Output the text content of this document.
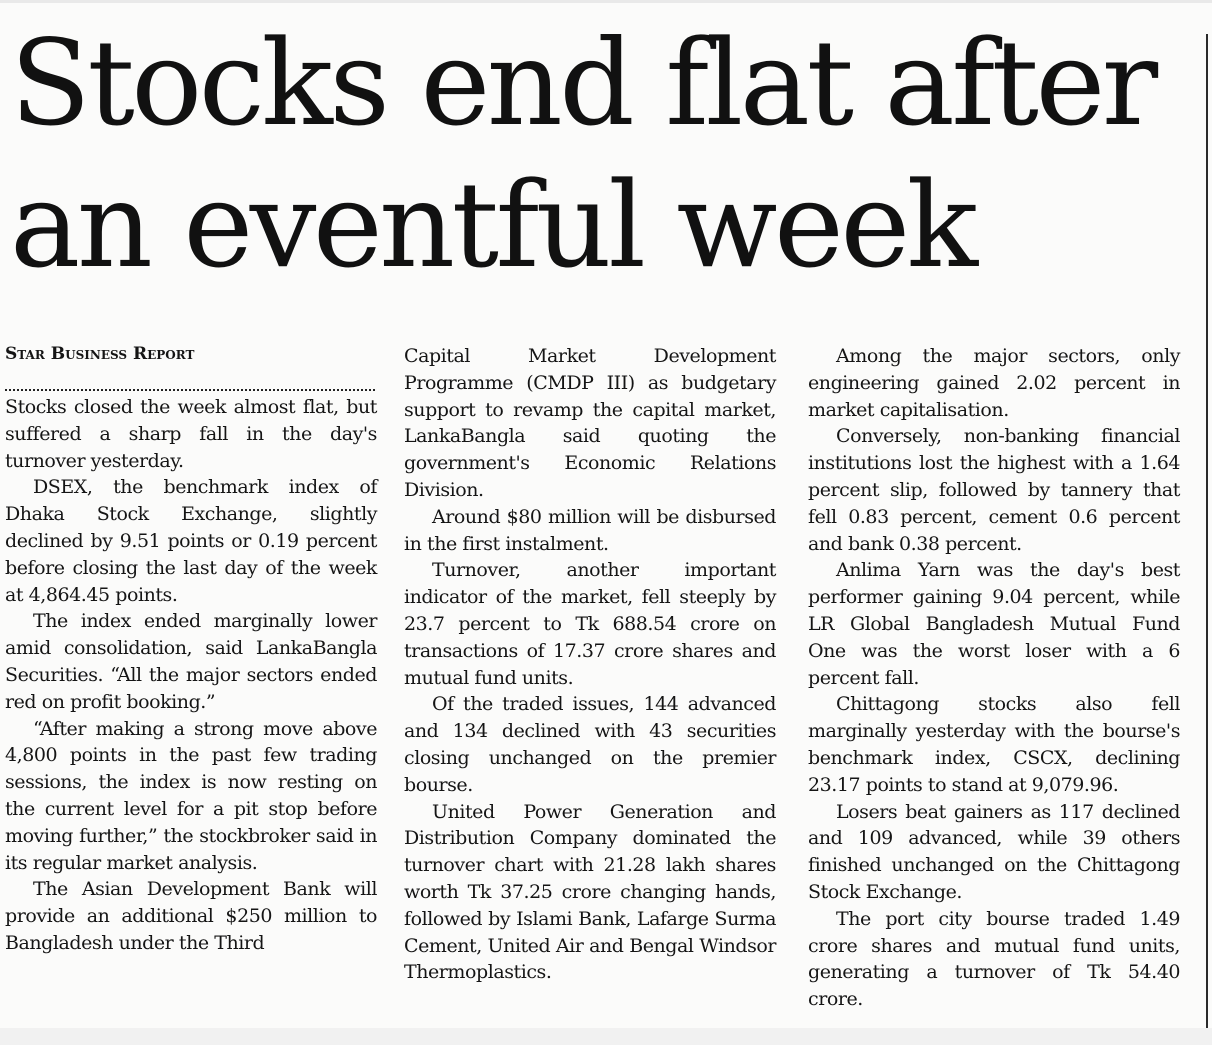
Stocks end flat after
an eventful week
Star Business Report

Stocks closed the week almost flat, but suffered a sharp fall in the day's turnover yesterday.

DSEX, the benchmark index of Dhaka Stock Exchange, slightly declined by 9.51 points or 0.19 percent before closing the last day of the week at 4,864.45 points.

The index ended marginally lower amid consolidation, said LankaBangla Securities. “All the major sectors ended red on profit booking.”

“After making a strong move above 4,800 points in the past few trading sessions, the index is now resting on the current level for a pit stop before moving further,” the stockbroker said in its regular market analysis.

The Asian Development Bank will provide an additional $250 million to Bangladesh under the Third

Capital Market Development Programme (CMDP III) as budgetary support to revamp the capital market, LankaBangla said quoting the government's Economic Relations Division.

Around $80 million will be disbursed in the first instalment.

Turnover, another important indicator of the market, fell steeply by 23.7 percent to Tk 688.54 crore on transactions of 17.37 crore shares and mutual fund units.

Of the traded issues, 144 advanced and 134 declined with 43 securities closing unchanged on the premier bourse.

United Power Generation and Distribution Company dominated the turnover chart with 21.28 lakh shares worth Tk 37.25 crore changing hands, followed by Islami Bank, Lafarge Surma Cement, United Air and Bengal Windsor Thermoplastics.

Among the major sectors, only engineering gained 2.02 percent in market capitalisation.

Conversely, non-banking financial institutions lost the highest with a 1.64 percent slip, followed by tannery that fell 0.83 percent, cement 0.6 percent and bank 0.38 percent.

Anlima Yarn was the day's best performer gaining 9.04 percent, while LR Global Bangladesh Mutual Fund One was the worst loser with a 6 percent fall.

Chittagong stocks also fell marginally yesterday with the bourse's benchmark index, CSCX, declining 23.17 points to stand at 9,079.96.

Losers beat gainers as 117 declined and 109 advanced, while 39 others finished unchanged on the Chittagong Stock Exchange.

The port city bourse traded 1.49 crore shares and mutual fund units, generating a turnover of Tk 54.40 crore.
